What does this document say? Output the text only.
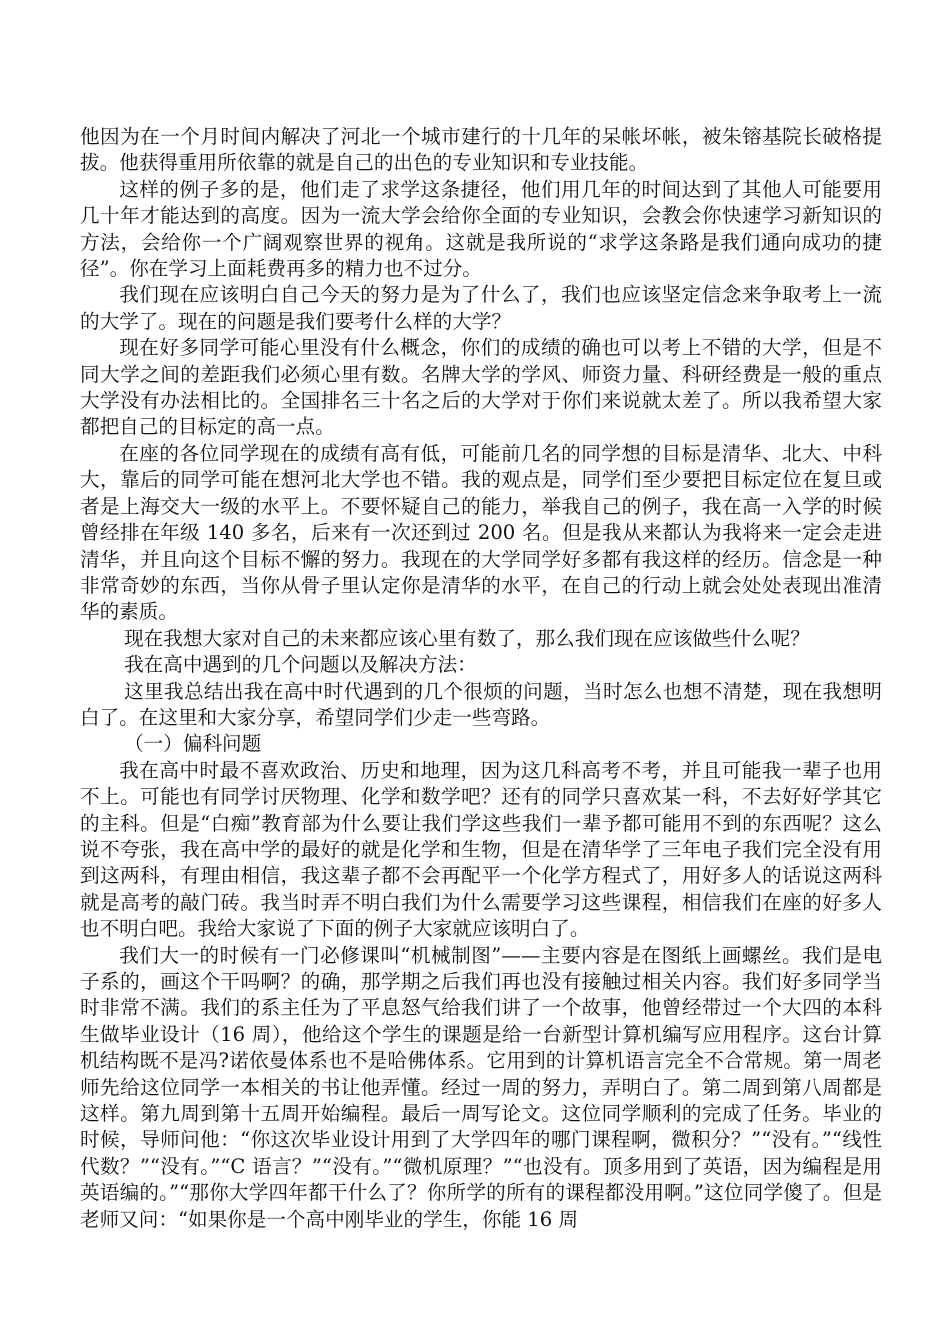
他因为在一个月时间内解决了河北一个城市建行的十几年的呆帐坏帐，被朱镕基院长破格提拔。他获得重用所依靠的就是自己的出色的专业知识和专业技能。

这样的例子多的是，他们走了求学这条捷径，他们用几年的时间达到了其他人可能要用几十年才能达到的高度。因为一流大学会给你全面的专业知识，会教会你快速学习新知识的方法，会给你一个广阔观察世界的视角。这就是我所说的“求学这条路是我们通向成功的捷径”。你在学习上面耗费再多的精力也不过分。

我们现在应该明白自己今天的努力是为了什么了，我们也应该坚定信念来争取考上一流的大学了。现在的问题是我们要考什么样的大学？

现在好多同学可能心里没有什么概念，你们的成绩的确也可以考上不错的大学，但是不同大学之间的差距我们必须心里有数。名牌大学的学风、师资力量、科研经费是一般的重点大学没有办法相比的。全国排名三十名之后的大学对于你们来说就太差了。所以我希望大家都把自己的目标定的高一点。

在座的各位同学现在的成绩有高有低，可能前几名的同学想的目标是清华、北大、中科大，靠后的同学可能在想河北大学也不错。我的观点是，同学们至少要把目标定位在复旦或者是上海交大一级的水平上。不要怀疑自己的能力，举我自己的例子，我在高一入学的时候曾经排在年级 140 多名，后来有一次还到过 200 名。但是我从来都认为我将来一定会走进清华，并且向这个目标不懈的努力。我现在的大学同学好多都有我这样的经历。信念是一种非常奇妙的东西，当你从骨子里认定你是清华的水平，在自己的行动上就会处处表现出准清华的素质。

现在我想大家对自己的未来都应该心里有数了，那么我们现在应该做些什么呢？

我在高中遇到的几个问题以及解决方法：

这里我总结出我在高中时代遇到的几个很烦的问题，当时怎么也想不清楚，现在我想明白了。在这里和大家分享，希望同学们少走一些弯路。

（一）偏科问题

我在高中时最不喜欢政治、历史和地理，因为这几科高考不考，并且可能我一辈子也用不上。可能也有同学讨厌物理、化学和数学吧？还有的同学只喜欢某一科，不去好好学其它的主科。但是“白痴”教育部为什么要让我们学这些我们一辈予都可能用不到的东西呢？这么说不夸张，我在高中学的最好的就是化学和生物，但是在清华学了三年电子我们完全没有用到这两科，有理由相信，我这辈子都不会再配平一个化学方程式了，用好多人的话说这两科就是高考的敲门砖。我当时弄不明白我们为什么需要学习这些课程，相信我们在座的好多人也不明白吧。我给大家说了下面的例子大家就应该明白了。

我们大一的时候有一门必修课叫“机械制图”——主要内容是在图纸上画螺丝。我们是电子系的，画这个干吗啊？的确，那学期之后我们再也没有接触过相关内容。我们好多同学当时非常不满。我们的系主任为了平息怒气给我们讲了一个故事，他曾经带过一个大四的本科生做毕业设计（16 周），他给这个学生的课题是给一台新型计算机编写应用程序。这台计算机结构既不是冯?诺依曼体系也不是哈佛体系。它用到的计算机语言完全不合常规。第一周老师先给这位同学一本相关的书让他弄懂。经过一周的努力，弄明白了。第二周到第八周都是这样。第九周到第十五周开始编程。最后一周写论文。这位同学顺利的完成了任务。毕业的时候，导师问他：“你这次毕业设计用到了大学四年的哪门课程啊，微积分？”“没有。”“线性代数？”“没有。”“C 语言？”“没有。”“微机原理？”“也没有。顶多用到了英语，因为编程是用英语编的。”“那你大学四年都干什么了？你所学的所有的课程都没用啊。”这位同学傻了。但是老师又问：“如果你是一个高中刚毕业的学生，你能 16 周
